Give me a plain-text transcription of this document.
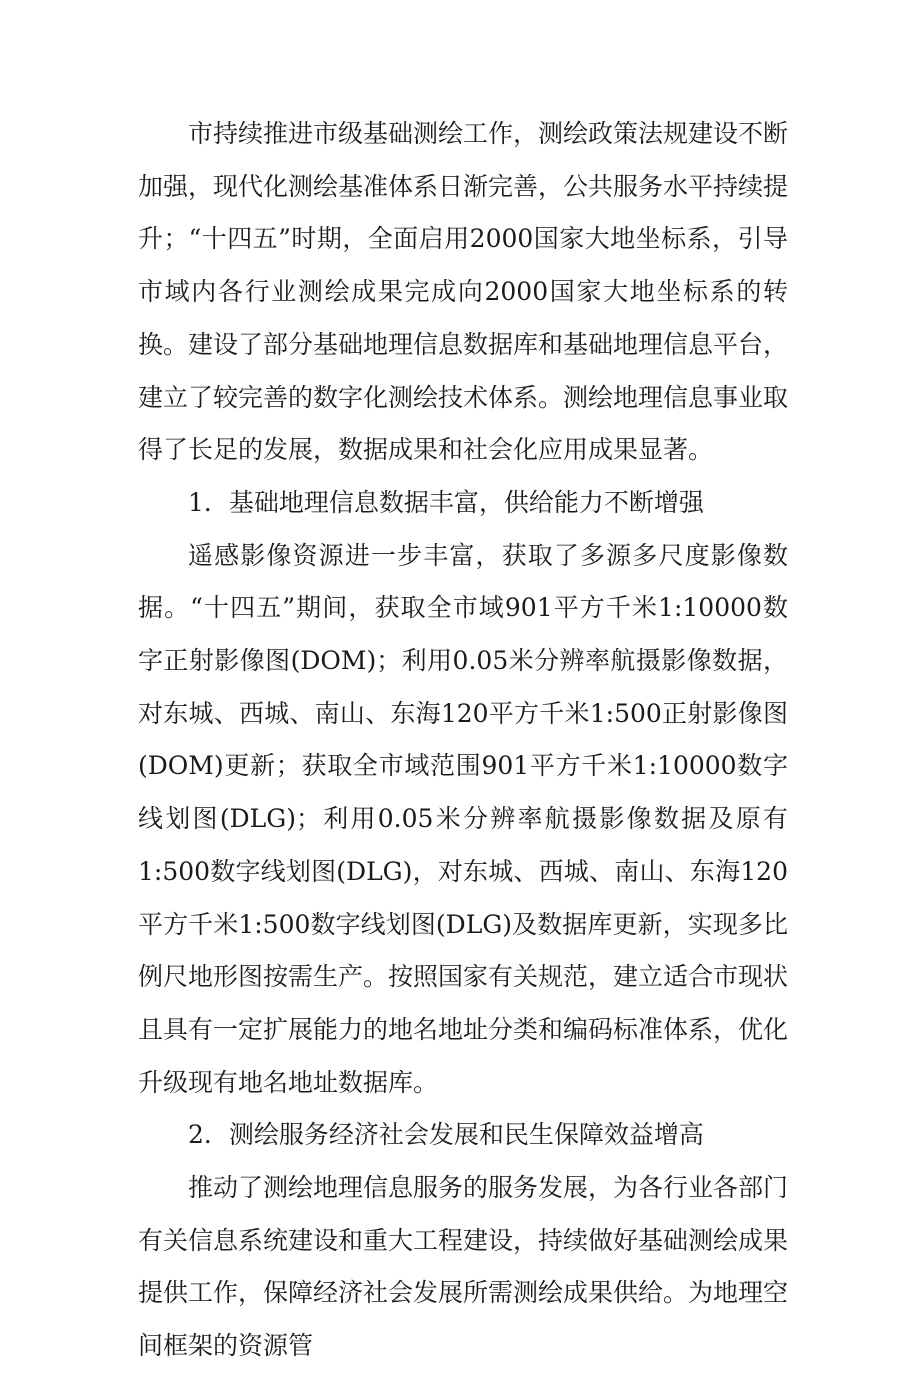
市持续推进市级基础测绘工作，测绘政策法规建设不断加强，现代化测绘基准体系日渐完善，公共服务水平持续提升；“十四五”时期，全面启用2000国家大地坐标系，引导市域内各行业测绘成果完成向2000国家大地坐标系的转换。建设了部分基础地理信息数据库和基础地理信息平台，建立了较完善的数字化测绘技术体系。测绘地理信息事业取得了长足的发展，数据成果和社会化应用成果显著。

1．基础地理信息数据丰富，供给能力不断增强

遥感影像资源进一步丰富，获取了多源多尺度影像数据。“十四五”期间，获取全市域901平方千米1:10000数字正射影像图(DOM)；利用0.05米分辨率航摄影像数据，对东城、西城、南山、东海120平方千米1:500正射影像图(DOM)更新；获取全市域范围901平方千米1:10000数字线划图(DLG)；利用0.05米分辨率航摄影像数据及原有1:500数字线划图(DLG)，对东城、西城、南山、东海120平方千米1:500数字线划图(DLG)及数据库更新，实现多比例尺地形图按需生产。按照国家有关规范，建立适合市现状且具有一定扩展能力的地名地址分类和编码标准体系，优化升级现有地名地址数据库。

2．测绘服务经济社会发展和民生保障效益增高

推动了测绘地理信息服务的服务发展，为各行业各部门有关信息系统建设和重大工程建设，持续做好基础测绘成果提供工作，保障经济社会发展所需测绘成果供给。为地理空间框架的资源管
